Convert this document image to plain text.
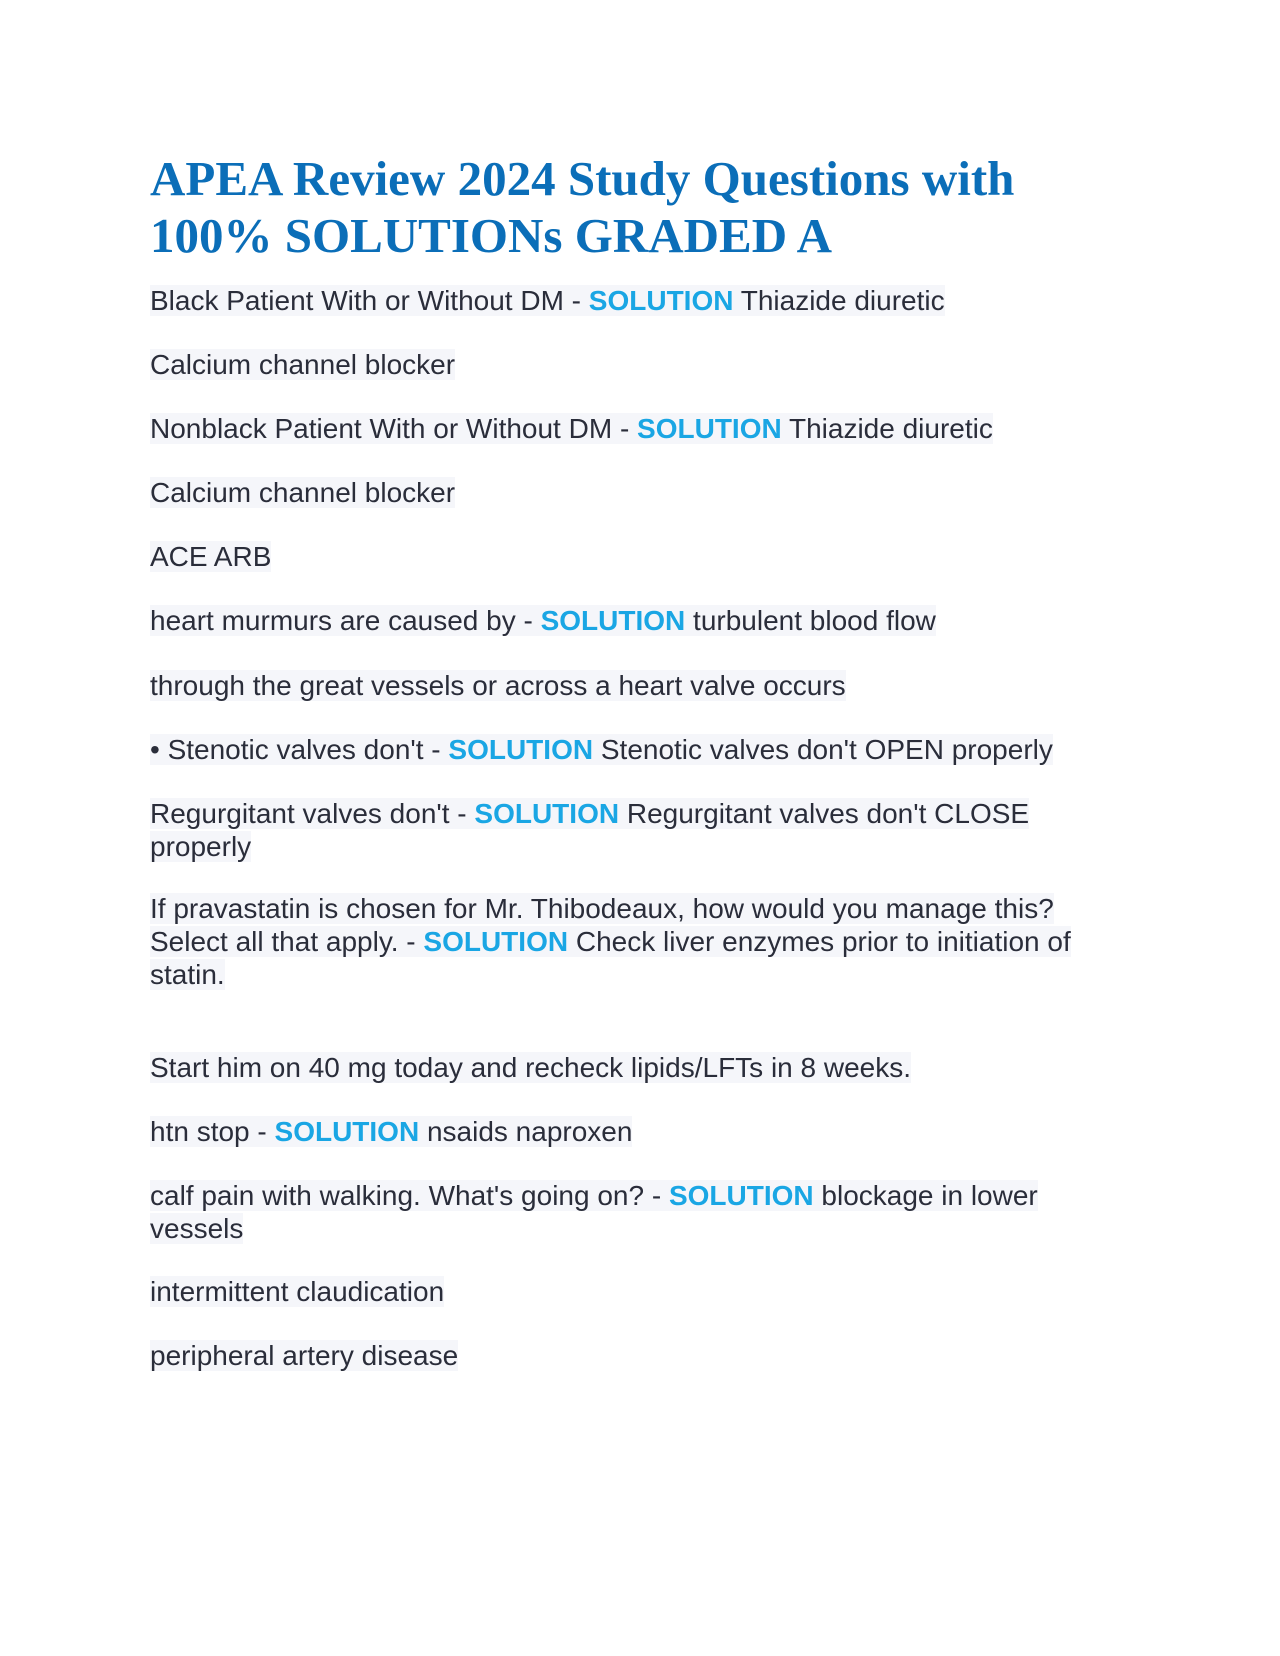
APEA Review 2024 Study Questions with 100% SOLUTIONs GRADED A

Black Patient With or Without DM - SOLUTION Thiazide diuretic

Calcium channel blocker

Nonblack Patient With or Without DM - SOLUTION Thiazide diuretic

Calcium channel blocker

ACE ARB

heart murmurs are caused by - SOLUTION turbulent blood flow

through the great vessels or across a heart valve occurs

• Stenotic valves don't - SOLUTION Stenotic valves don't OPEN properly

Regurgitant valves don't - SOLUTION Regurgitant valves don't CLOSE properly

If pravastatin is chosen for Mr. Thibodeaux, how would you manage this? Select all that apply. - SOLUTION Check liver enzymes prior to initiation of statin.

Start him on 40 mg today and recheck lipids/LFTs in 8 weeks.

htn stop - SOLUTION nsaids naproxen

calf pain with walking. What's going on? - SOLUTION blockage in lower vessels

intermittent claudication

peripheral artery disease
